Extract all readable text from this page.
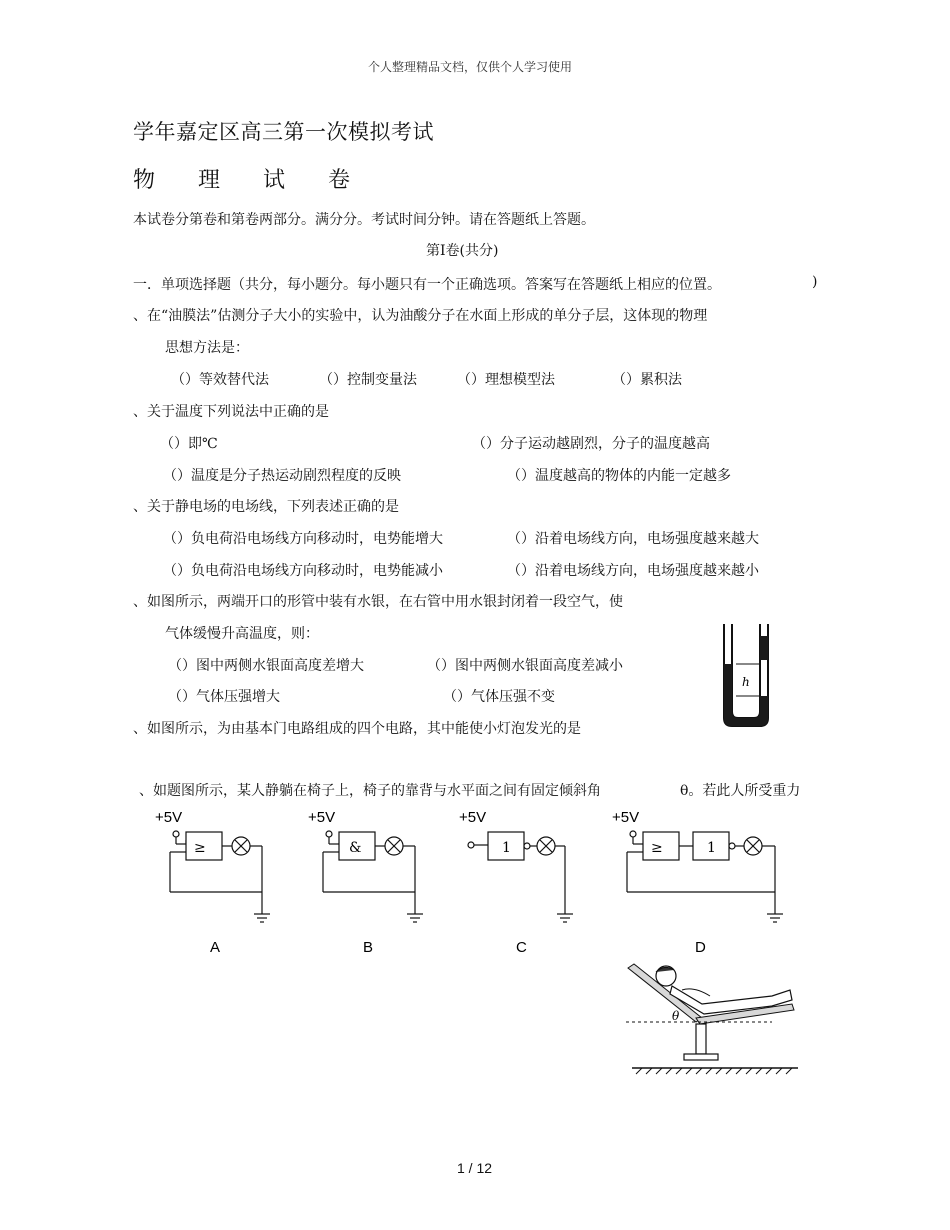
个人整理精品文档，仅供个人学习使用
学年嘉定区高三第一次模拟考试
物 理 试 卷
本试卷分第卷和第卷两部分。满分分。考试时间分钟。请在答题纸上答题。
第Ⅰ卷(共分)
一．单项选择题（共分，每小题分。每小题只有一个正确选项。答案写在答题纸上相应的位置。	)
、在“油膜法”估测分子大小的实验中，认为油酸分子在水面上形成的单分子层，这体现的物理
思想方法是：
（）等效替代法	（）控制变量法	（）理想模型法	（）累积法
、关于温度下列说法中正确的是
（）即℃	（）分子运动越剧烈，分子的温度越高
（）温度是分子热运动剧烈程度的反映	（）温度越高的物体的内能一定越多
、关于静电场的电场线，下列表述正确的是
（）负电荷沿电场线方向移动时，电势能增大	（）沿着电场线方向，电场强度越来越大
（）负电荷沿电场线方向移动时，电势能减小	（）沿着电场线方向，电场强度越来越小
、如图所示，两端开口的形管中装有水银，在右管中用水银封闭着一段空气，使
气体缓慢升高温度，则：
（）图中两侧水银面高度差增大	（）图中两侧水银面高度差减小
（）气体压强增大	（）气体压强不变
h
、如图所示，为由基本门电路组成的四个电路，其中能使小灯泡发光的是
、如题图所示，某人静躺在椅子上，椅子的靠背与水平面之间有固定倾斜角	θ。若此人所受重力
+5V
≥
A
+5V
&
B
+5V
1
C
+5V
≥	1
D
θ
1 / 12
